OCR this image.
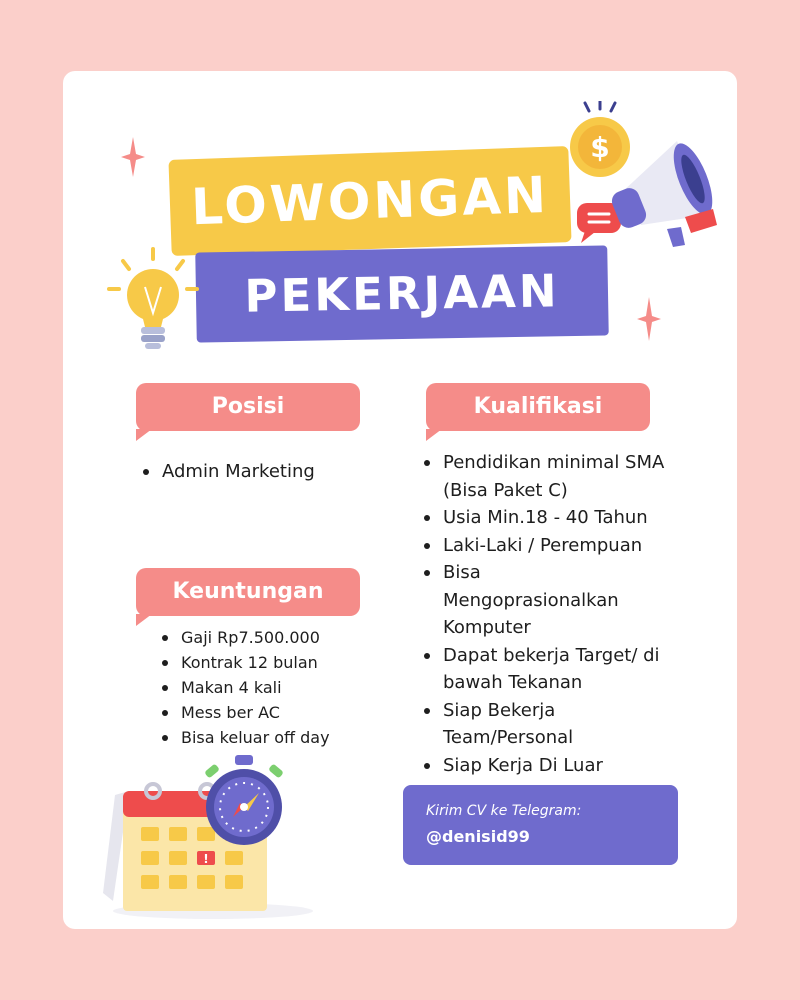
LOWONGAN
PEKERJAAN
$
Posisi	Kualifikasi
Keuntungan
Admin Marketing	Pendidikan minimal SMA (Bisa Paket C)
Usia Min.18 - 40 Tahun
Laki-Laki / Perempuan
Bisa Mengoprasionalkan Komputer
Dapat bekerja Target/ di bawah Tekanan
Siap Bekerja Team/Personal
Siap Kerja Di Luar
Gaji Rp7.500.000
Kontrak 12 bulan
Makan 4 kali
Mess ber AC
Bisa keluar off day
Kirim CV ke Telegram:
@denisid99
!
